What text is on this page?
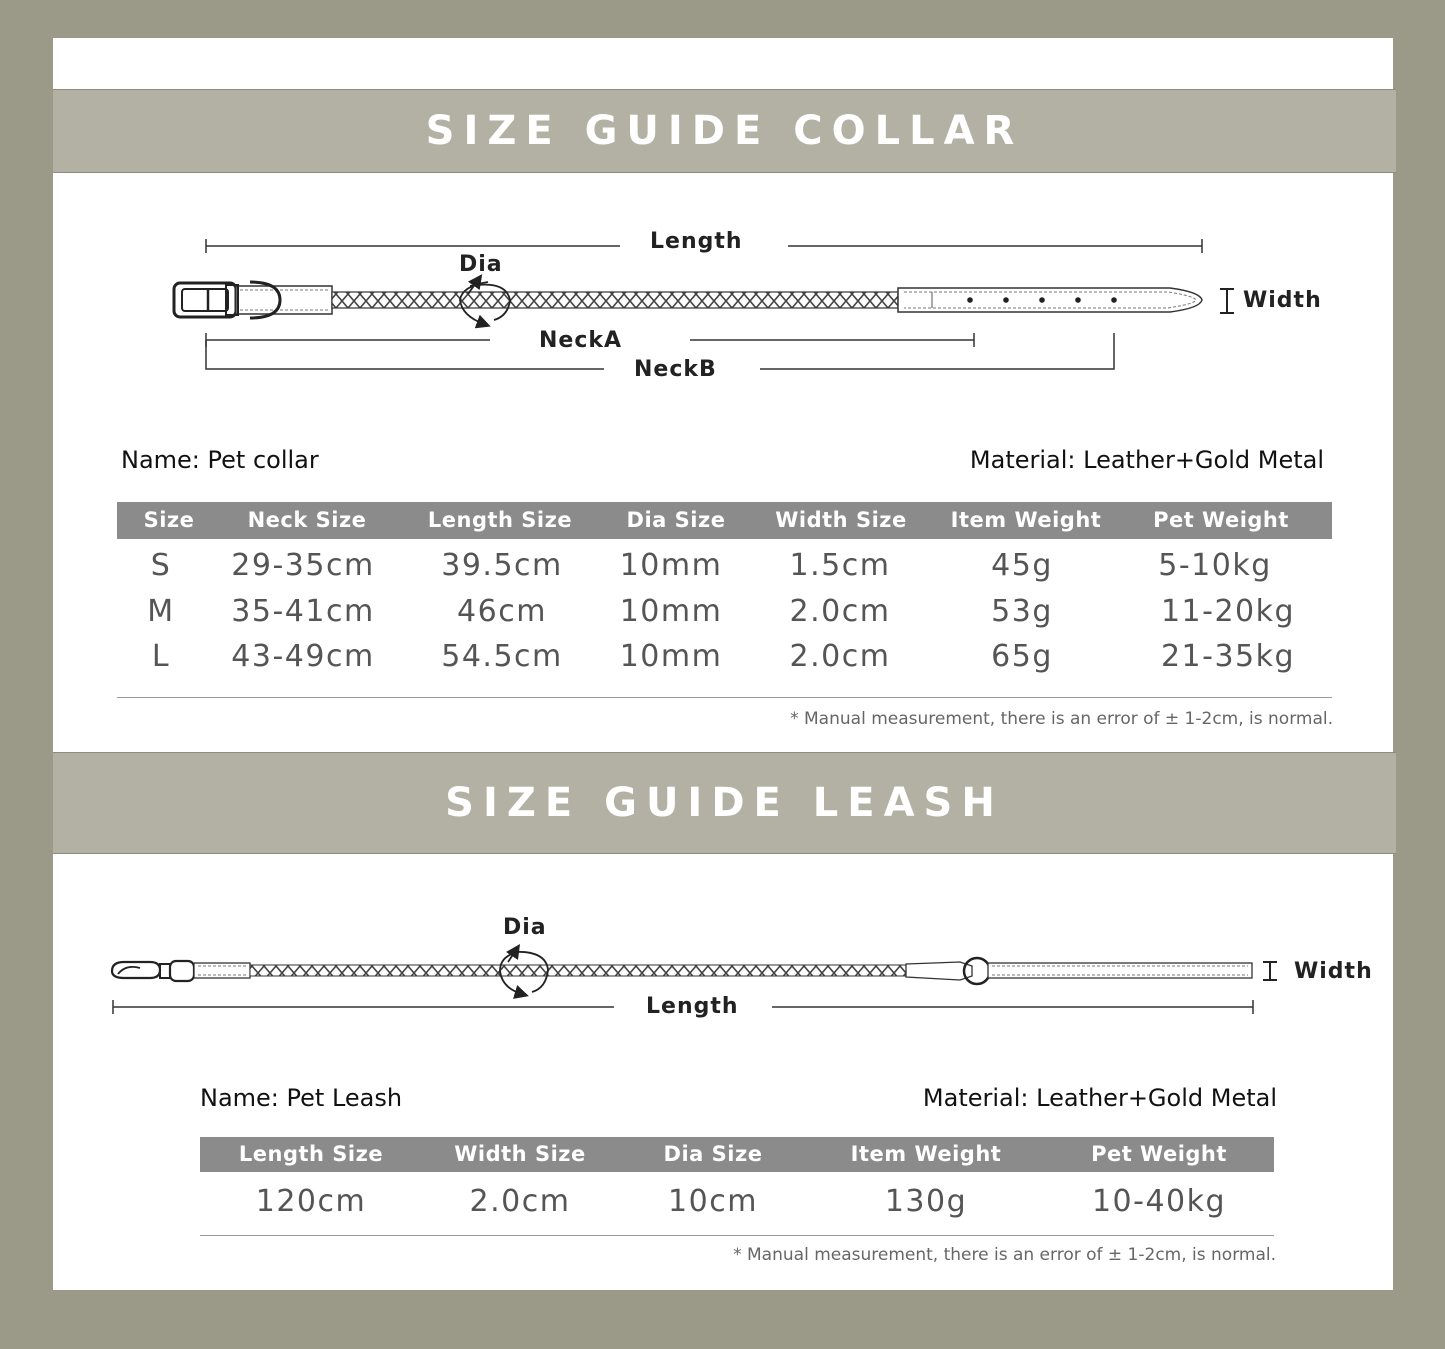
SIZE GUIDE COLLAR
Length
Dia
Width
NeckA
NeckB
Name: Pet collar	Material: Leather+Gold Metal
Size	Neck Size	Length Size	Dia Size	Width Size	Item Weight	Pet Weight
S	29-35cm	39.5cm	10mm	1.5cm	45g	5-10kg
M	35-41cm	46cm	10mm	2.0cm	53g	11-20kg
L	43-49cm	54.5cm	10mm	2.0cm	65g	21-35kg
* Manual measurement, there is an error of ± 1-2cm, is normal.
SIZE GUIDE LEASH
Dia
Width
Length
Name: Pet Leash	Material: Leather+Gold Metal
Length Size	Width Size	Dia Size	Item Weight	Pet Weight
120cm	2.0cm	10cm	130g	10-40kg
* Manual measurement, there is an error of ± 1-2cm, is normal.
